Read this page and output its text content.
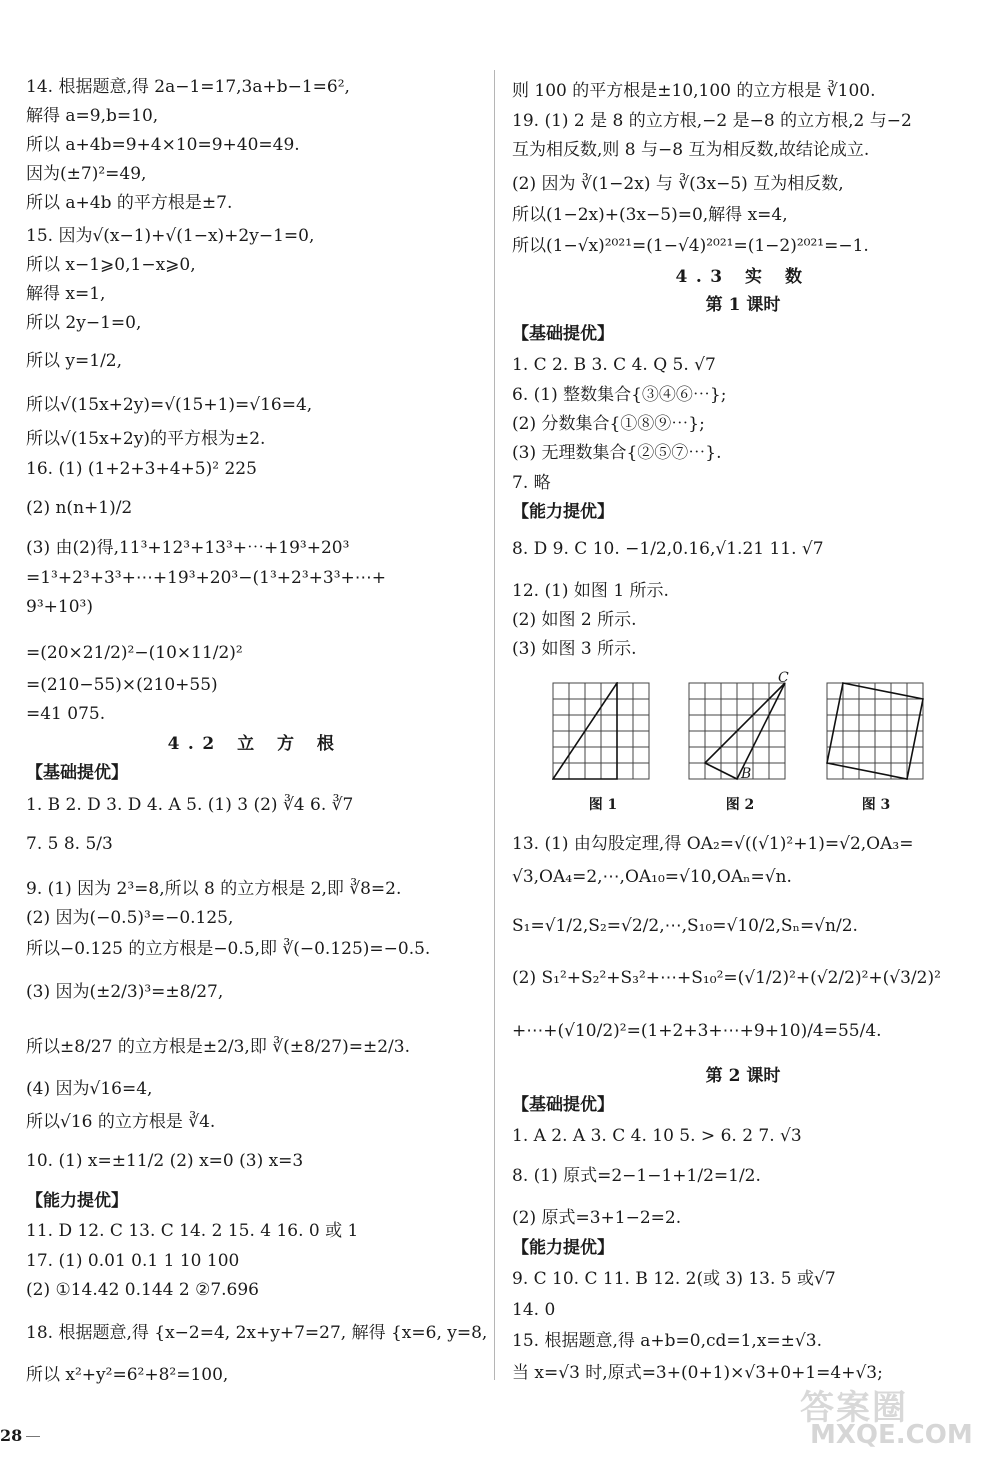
14. 根据题意,得 2a−1=17,3a+b−1=6²,
解得 a=9,b=10,
所以 a+4b=9+4×10=9+40=49.
因为(±7)²=49,
所以 a+4b 的平方根是±7.
15. 因为√(x−1)+√(1−x)+2y−1=0,
所以 x−1⩾0,1−x⩾0,
解得 x=1,
所以 2y−1=0,
所以 y=1/2,
所以√(15x+2y)=√(15+1)=√16=4,
所以√(15x+2y)的平方根为±2.
16. (1) (1+2+3+4+5)² 225
(2) n(n+1)/2
(3) 由(2)得,11³+12³+13³+⋯+19³+20³
=1³+2³+3³+⋯+19³+20³−(1³+2³+3³+⋯+
9³+10³)
=(20×21/2)²−(10×11/2)²
=(210−55)×(210+55)
=41 075.
4.2 立 方 根
【基础提优】
1. B 2. D 3. D 4. A 5. (1) 3 (2) ∛4 6. ∛7
7. 5 8. 5/3
9. (1) 因为 2³=8,所以 8 的立方根是 2,即 ∛8=2.
(2) 因为(−0.5)³=−0.125,
所以−0.125 的立方根是−0.5,即 ∛(−0.125)=−0.5.
(3) 因为(±2/3)³=±8/27,
所以±8/27 的立方根是±2/3,即 ∛(±8/27)=±2/3.
(4) 因为√16=4,
所以√16 的立方根是 ∛4.
10. (1) x=±11/2 (2) x=0 (3) x=3
【能力提优】
11. D 12. C 13. C 14. 2 15. 4 16. 0 或 1
17. (1) 0.01 0.1 1 10 100
(2) ①14.42 0.144 2 ②7.696
18. 根据题意,得 {x−2=4, 2x+y+7=27, 解得 {x=6, y=8,
所以 x²+y²=6²+8²=100,
则 100 的平方根是±10,100 的立方根是 ∛100.
19. (1) 2 是 8 的立方根,−2 是−8 的立方根,2 与−2
互为相反数,则 8 与−8 互为相反数,故结论成立.
(2) 因为 ∛(1−2x) 与 ∛(3x−5) 互为相反数,
所以(1−2x)+(3x−5)=0,解得 x=4,
所以(1−√x)²⁰²¹=(1−√4)²⁰²¹=(1−2)²⁰²¹=−1.
4.3 实 数
第 1 课时
【基础提优】
1. C 2. B 3. C 4. Q 5. √7
6. (1) 整数集合{③④⑥⋯};
(2) 分数集合{①⑧⑨⋯};
(3) 无理数集合{②⑤⑦⋯}.
7. 略
【能力提优】
8. D 9. C 10. −1/2,0.16,√1.21 11. √7
12. (1) 如图 1 所示.
(2) 如图 2 所示.
(3) 如图 3 所示.
图 1
C
B
图 2	图 3
13. (1) 由勾股定理,得 OA₂=√((√1)²+1)=√2,OA₃=
√3,OA₄=2,⋯,OA₁₀=√10,OAₙ=√n.
S₁=√1/2,S₂=√2/2,⋯,S₁₀=√10/2,Sₙ=√n/2.
(2) S₁²+S₂²+S₃²+⋯+S₁₀²=(√1/2)²+(√2/2)²+(√3/2)²
+⋯+(√10/2)²=(1+2+3+⋯+9+10)/4=55/4.
第 2 课时
【基础提优】
1. A 2. A 3. C 4. 10 5. > 6. 2 7. √3
8. (1) 原式=2−1−1+1/2=1/2.
(2) 原式=3+1−2=2.
【能力提优】
9. C 10. C 11. B 12. 2(或 3) 13. 5 或√7
14. 0
15. 根据题意,得 a+b=0,cd=1,x=±√3.
当 x=√3 时,原式=3+(0+1)×√3+0+1=4+√3;
28
答案圈
MXQE.COM
